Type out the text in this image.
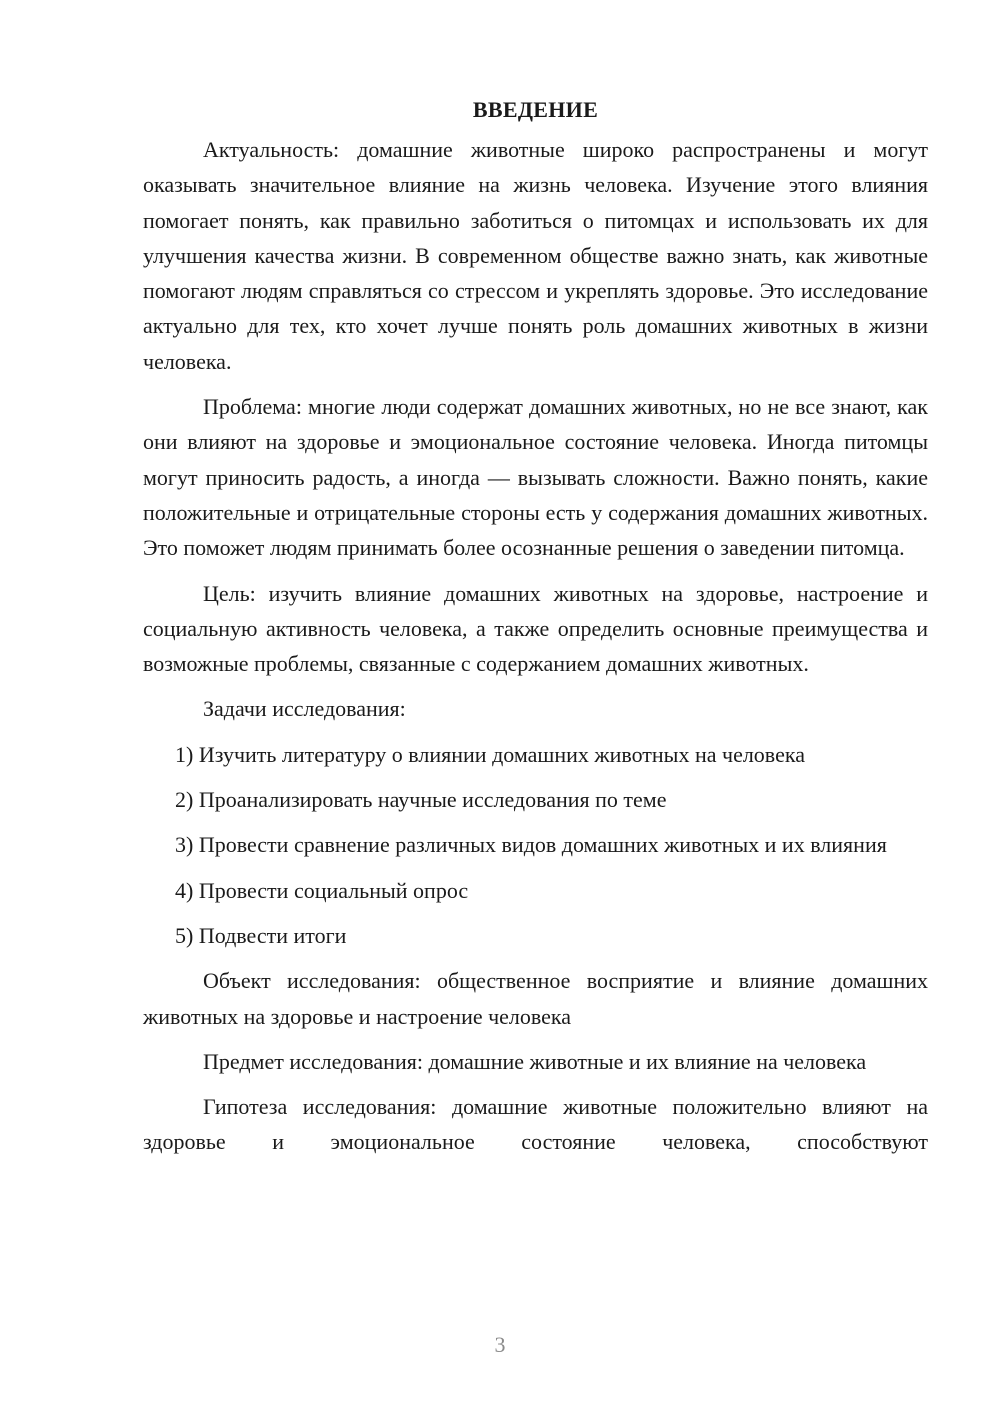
ВВЕДЕНИЕ

Актуальность: домашние животные широко распространены и могут оказывать значительное влияние на жизнь человека. Изучение этого влияния помогает понять, как правильно заботиться о питомцах и использовать их для улучшения качества жизни. В современном обществе важно знать, как животные помогают людям справляться со стрессом и укреплять здоровье. Это исследование актуально для тех, кто хочет лучше понять роль домашних животных в жизни человека.

Проблема: многие люди содержат домашних животных, но не все знают, как они влияют на здоровье и эмоциональное состояние человека. Иногда питомцы могут приносить радость, а иногда — вызывать сложности. Важно понять, какие положительные и отрицательные стороны есть у содержания домашних животных. Это поможет людям принимать более осознанные решения о заведении питомца.

Цель: изучить влияние домашних животных на здоровье, настроение и социальную активность человека, а также определить основные преимущества и возможные проблемы, связанные с содержанием домашних животных.

Задачи исследования:

1) Изучить литературу о влиянии домашних животных на человека

2) Проанализировать научные исследования по теме

3) Провести сравнение различных видов домашних животных и их влияния

4) Провести социальный опрос

5) Подвести итоги

Объект исследования: общественное восприятие и влияние домашних животных на здоровье и настроение человека

Предмет исследования: домашние животные и их влияние на человека

Гипотеза исследования: домашние животные положительно влияют на здоровье и эмоциональное состояние человека, способствуют

3
